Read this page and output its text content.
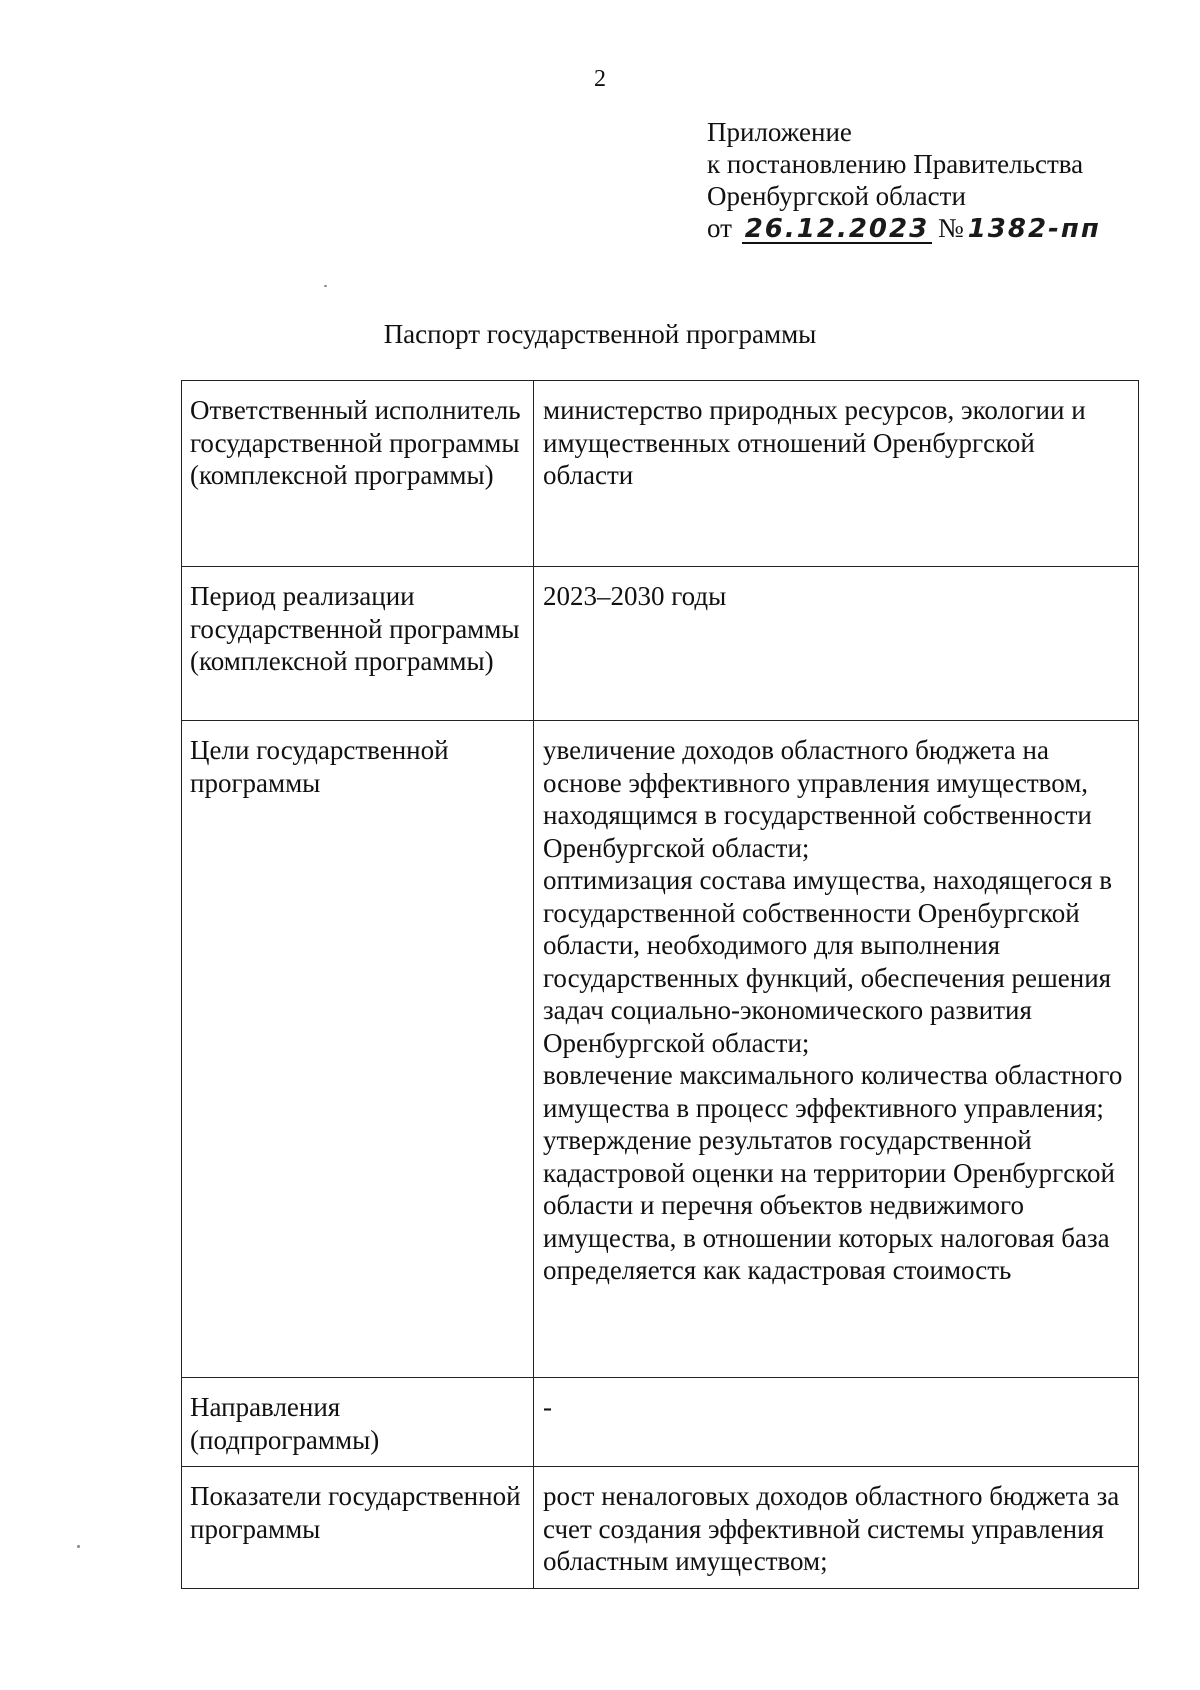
2
Приложение
к постановлению Правительства
Оренбургской области
от 26.12.2023 № 1382-пп
Паспорт государственной программы
Ответственный исполнитель государственной программы (комплексной программы)	министерство природных ресурсов, экологии и имущественных отношений Оренбургской области

Период реализации государственной программы (комплексной программы)	2023–2030 годы

Цели государственной программы	увеличение доходов областного бюджета на основе эффективного управления имуществом, находящимся в государственной собственности Оренбургской области;
оптимизация состава имущества, находящегося в государственной собственности Оренбургской области, необходимого для выполнения государственных функций, обеспечения решения задач социально-экономического развития Оренбургской области;
вовлечение максимального количества областного имущества в процесс эффективного управления;
утверждение результатов государственной кадастровой оценки на территории Оренбургской области и перечня объектов недвижимого имущества, в отношении которых налоговая база определяется как кадастровая стоимость

Направления (подпрограммы)	-

Показатели государственной программы	рост неналоговых доходов областного бюджета за счет создания эффективной системы управления областным имуществом;
